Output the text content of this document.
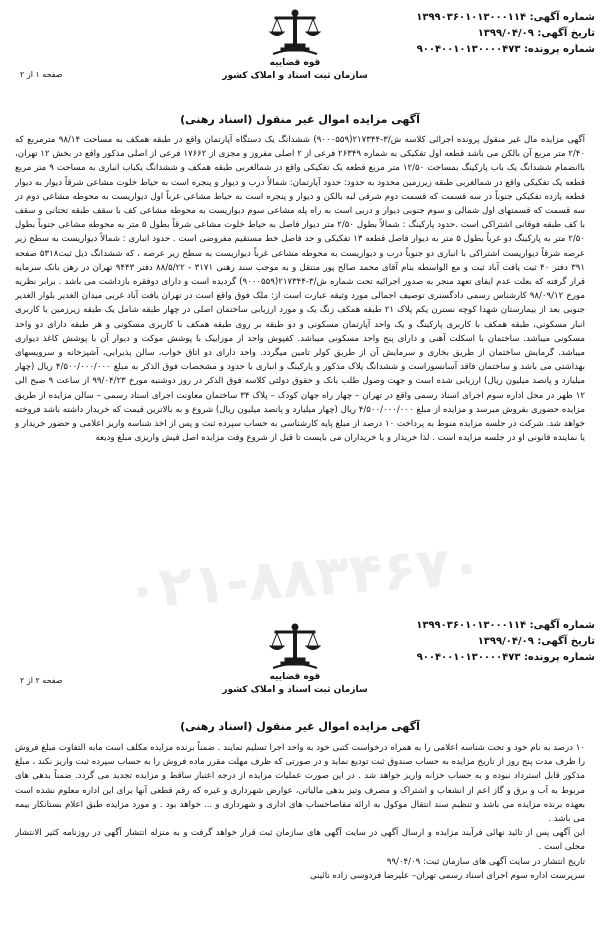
۰۲۱-۸۸۳۴۶۷۰
شماره آگهی: ۱۳۹۹۰۳۶۰۱۰۱۳۰۰۰۱۱۴
تاریخ آگهی: ۱۳۹۹/۰۴/۰۹
شماره پرونده: ۹۰۰۴۰۰۱۰۱۳۰۰۰۰۴۷۳
قوه قضاییه
سازمان ثبت اسناد و املاک کشور
صفحه ۱ از ۲
آگهی مزایده اموال غیر منقول (اسناد رهنی)

آگهی مزایده مال غیر منقول پرونده اجرائی کلاسه ش/۳-۲۱۷۳۴۴(۹۰۰۰۵۵۹) ششدانگ یک دستگاه آپارتمان واقع در طبقه همکف به مساحت ۹۸/۱۴ مترمربع که ۲/۴۰ متر مربع آن بالکن می باشد قطعه اول تفکیکی به شماره ۲۶۳۴۹ فرعی از ۲ اصلی مفروز و مجزی از ۱۷۶۶۲ فرعی از اصلی مذکور واقع در بخش ۱۲ تهران، باانضمام ششدانگ یک باب پارکینگ بمساحت ۱۲/۵۰ متر مربع قطعه یک تفکیکی واقع در شمالغربی طبقه همکف و ششدانگ یکباب انباری به مساحت ۹ متر مربع قطعه یک تفکیکی واقع در شمالغربی طبقه زیرزمین محدود به حدود: حدود آپارتمان: شمالاً درب و دیوار و پنجره است به حیاط خلوت مشاعی شرقاً دیوار به دیوار قطعه یازده تفکیکی جنوباً در سه قسمت که قسمت دوم شرقی لبه بالکن و دیوار و پنجره است به حیاط مشاعی غرباً اول دیواریست به محوطه مشاعی دوم در سه قسمت که قسمتهای اول شمالی و سوم جنوبی دیوار و دربی است به راه پله مشاعی سوم دیواریست به محوطه مشاعی کف با سقف طبقه تحتانی و سقف با کف طبقه فوقانی اشتراکی است .حدود پارکینگ : شمالاً بطول ۲/۵۰ متر دیوار فاصل به حیاط خلوت مشاعی شرقاً بطول ۵ متر به محوطه مشاعی جنوباً بطول ۲/۵۰ متر به پارکینگ دو غرباً بطول ۵ متر به دیوار فاصل قطعه ۱۳ تفکیکی و حد فاصل خط مستقیم مفروضی است . حدود انباری : شمالاً دیواریست به سطح زیر عرصه شرقاً دیواریست اشتراکی با انباری دو جنوباً درب و دیواریست به محوطه مشاعی غرباً دیواریست به سطح زیر عرصه ، که ششدانگ ذیل ثبت۵۳۱۸ صفحه ۳۹۱ دفتر ۴۰ ثبت یافت آباد ثبت و مع الواسطه بنام آقای محمد صالح پور منتقل و به موجب سند رهنی ۳۱۷۱ - ۸۸/۵/۲۲ دفتر ۹۴۴۳ تهران در رهن بانک سرمایه قرار گرفته که بعلت عدم ایفای تعهد منجر به صدور اجرائیه تحت شماره ش/۳-۲۱۷۳۴۴(۹۰۰۰۵۵۹) گردیده است و دارای دوفقره بازداشت می باشد . برابر نظریه مورخ ۹۸/۰۹/۱۲ کارشناس رسمی دادگستری توصیف اجمالی مورد وثیقه عبارت است از: ملک فوق واقع است در تهران یافت آباد غربی میدان الغدیر بلوار الغدیر جنوبی بعد از بیمارستان شهدا کوچه نسترن یکم پلاک ۲۱ طبقه همکف زنگ یک و مورد ارزیابی ساختمان اصلی در چهار طبقه شامل یک طبقه زیرزمین با کاربری انبار مسکونی، طبقه همکف با کاربری پارکینگ و یک واحد آپارتمان مسکونی و دو طبقه بر روی طبقه همکف با کاربری مسکونی و هر طبقه دارای دو واحد مسکونی میباشد. ساختمان با اسکلت آهنی و دارای پنج واحد مسکونی میباشد. کفپوش واحد از موزاییک با پوشش موکت و دیوار آن با پوشش کاغذ دیواری میباشد. گرمایش ساختمان از طریق بخاری و سرمایش آن از طریق کولر تامین میگردد. واحد دارای دو اتاق خواب، سالن پذیرایی، آشپزخانه و سرویسهای بهداشتی می باشد و ساختمان فاقد آسانسوراست و ششدانگ پلاک مذکور و پارکینگ و انباری با حدود و مشخصات فوق الذکر به مبلغ ۴/۵۰۰/۰۰۰/۰۰۰ ریال (چهار میلیارد و پانصد میلیون ریال) ارزیابی شده است و جهت وصول طلب بانک و حقوق دولتی کلاسه فوق الذکر در روز دوشنبه مورخ ۹۹/۰۴/۲۳ از ساعت ۹ صبح الی ۱۲ ظهر در محل اداره سوم اجرای اسناد رسمی واقع در تهران – چهار راه جهان کودک – پلاک ۳۴ ساختمان معاونت اجرای اسناد رسمی – سالن مزایده از طریق مزایده حضوری بفروش میرسد و مزایده از مبلغ ۴/۵۰۰/۰۰۰/۰۰۰ ریال (چهار میلیارد و پانصد میلیون ریال) شروع و به بالاترین قیمت که خریدار داشته باشد فروخته خواهد شد. شرکت در جلسه مزایده منوط به پرداخت ۱۰ درصد از مبلغ پایه کارشناسی به حساب سپرده ثبت و پس از اخذ شناسه واریز اعلامی و حضور خریدار و یا نماینده قانونی او در جلسه مزایده است . لذا خریدار و یا خریداران می بایست تا قبل از شروع وقت مزایده اصل فیش واریزی مبلغ ودیعه

شماره آگهی: ۱۳۹۹۰۳۶۰۱۰۱۳۰۰۰۱۱۴
تاریخ آگهی: ۱۳۹۹/۰۴/۰۹
شماره پرونده: ۹۰۰۴۰۰۱۰۱۳۰۰۰۰۴۷۳
قوه قضاییه
سازمان ثبت اسناد و املاک کشور
صفحه ۲ از ۲
آگهی مزایده اموال غیر منقول (اسناد رهنی)

۱۰ درصد به نام خود و تحت شناسه اعلامی را به همراه درخواست کتبی خود به واحد اجرا تسلیم نمایند . ضمناً برنده مزایده مکلف است مابه التفاوت مبلغ فروش را ظرف مدت پنج روز از تاریخ مزایده به حساب صندوق ثبت تودیع نماید و در صورتی که ظرف مهلت مقرر ماده فروش را به حساب سپرده ثبت واریز نکند ، مبلغ مذکور قابل استرداد نبوده و به حساب خزانه واریز خواهد شد . در این صورت عملیات مزایده از درجه اعتبار ساقط و مزایده تجدید می گردد. ضمناً بدهی های مربوط به آب و برق و گاز اعم از انشعاب و اشتراک و مصرف وتیز بدهی مالیاتی، عوارض شهرداری و غیره که رقم قطعی آنها برای این اداره معلوم نشده است بعهده برنده مزایده می باشد و تنظیم سند انتقال موکول به ارائه مفاصاحساب های اداری و شهرداری و ... خواهد بود . و مورد مزایده طبق اعلام بستانکار بیمه می باشد .

این آگهی پس از تائید نهائی فرآیند مزایده و ارسال آگهی در سایت آگهی های سازمان ثبت قرار خواهد گرفت و به منزله انتشار آگهی در روزنامه کثیر الانتشار محلی است .

تاریخ انتشار در سایت آگهی های سازمان ثبت: ۹۹/۰۴/۰۹

سرپرست اداره سوم اجرای اسناد رسمی تهران– علیرضا فردوسی زاده نائینی
